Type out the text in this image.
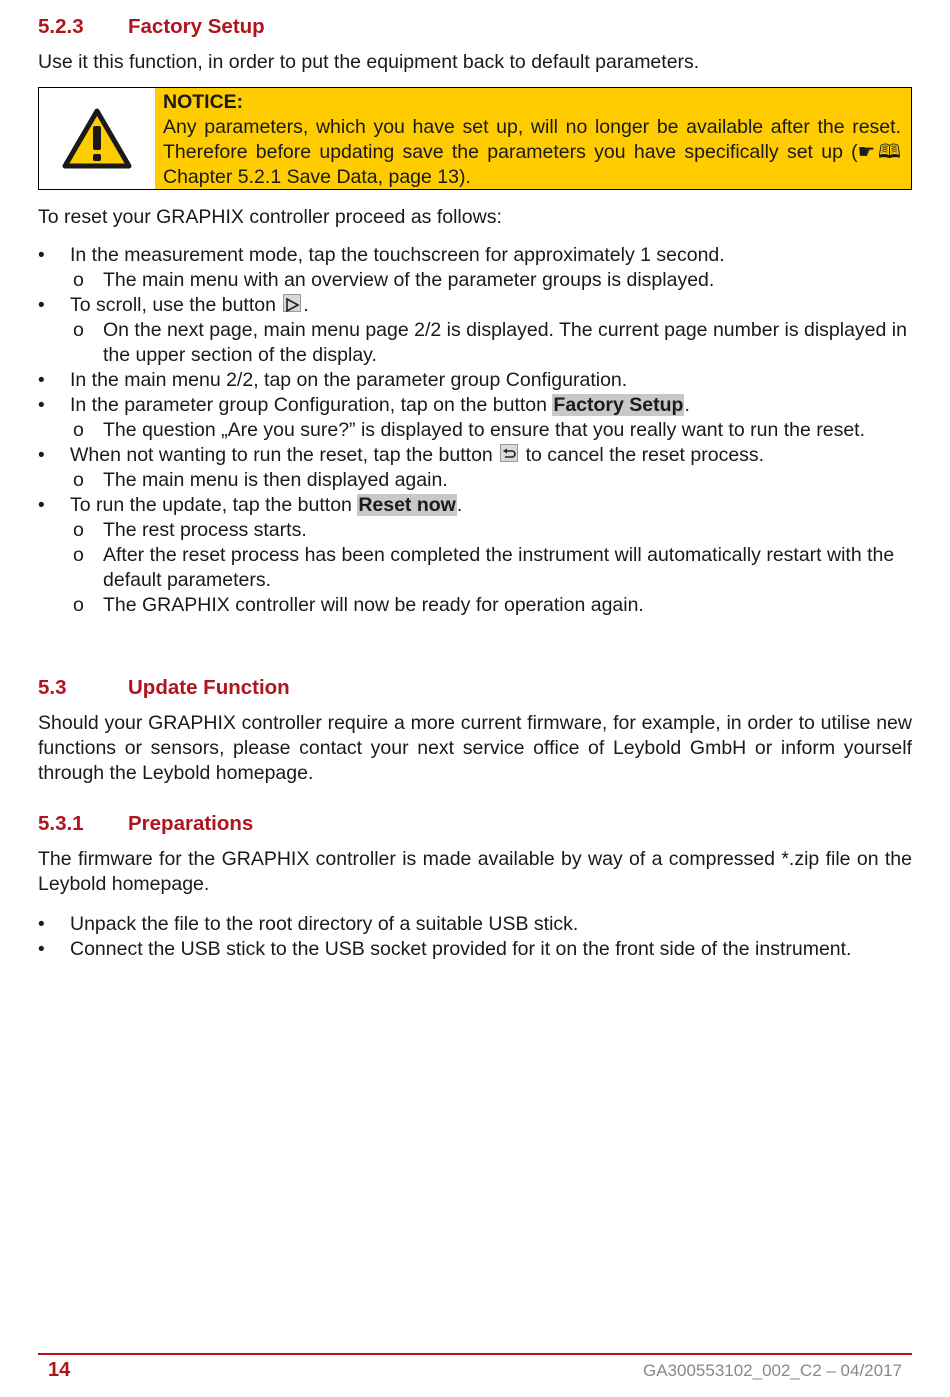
5.2.3	Factory Setup

Use it this function, in order to put the equipment back to default parameters.

NOTICE:
Any parameters, which you have set up, will no longer be available after the reset. Therefore before updating save the parameters you have specifically set up (☛🕮 Chapter 5.2.1 Save Data, page 13).

To reset your GRAPHIX controller proceed as follows:

• In the measurement mode, tap the touchscreen for approximately 1 second.
o The main menu with an overview of the parameter groups is displayed.
• To scroll, use the button .
o On the next page, main menu page 2/2 is displayed. The current page number is displayed in the upper section of the display.
• In the main menu 2/2, tap on the parameter group Configuration.
• In the parameter group Configuration, tap on the button Factory Setup.
o The question „Are you sure?” is displayed to ensure that you really want to run the reset.
• When not wanting to run the reset, tap the button  to cancel the reset process.
o The main menu is then displayed again.
• To run the update, tap the button Reset now.
o The rest process starts.
o After the reset process has been completed the instrument will automatically restart with the default parameters.
o The GRAPHIX controller will now be ready for operation again.
5.3	Update Function

Should your GRAPHIX controller require a more current firmware, for example, in order to utilise new functions or sensors, please contact your next service office of Leybold GmbH or inform yourself through the Leybold homepage.

5.3.1	Preparations

The firmware for the GRAPHIX controller is made available by way of a compressed *.zip file on the Leybold homepage.

• Unpack the file to the root directory of a suitable USB stick.
• Connect the USB stick to the USB socket provided for it on the front side of the instrument.
14	GA300553102_002_C2 – 04/2017
